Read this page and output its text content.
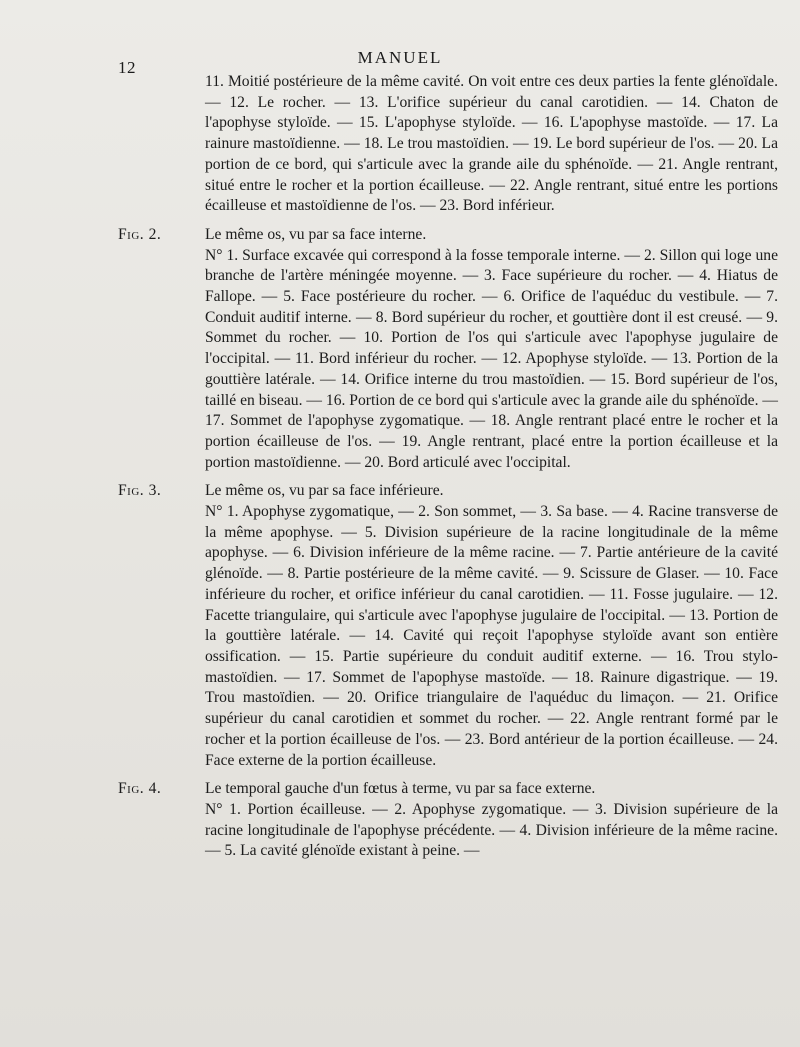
12
MANUEL

11. Moitié postérieure de la même cavité. On voit entre ces deux parties la fente glénoïdale. — 12. Le rocher. — 13. L'orifice supérieur du canal carotidien. — 14. Chaton de l'apophyse styloïde. — 15. L'apophyse styloïde. — 16. L'apophyse mastoïde. — 17. La rainure mastoïdienne. — 18. Le trou mastoïdien. — 19. Le bord supérieur de l'os. — 20. La portion de ce bord, qui s'articule avec la grande aile du sphénoïde. — 21. Angle rentrant, situé entre le rocher et la portion écailleuse. — 22. Angle rentrant, situé entre les portions écailleuse et mastoïdienne de l'os. — 23. Bord inférieur.

Fig. 2.	Le même os, vu par sa face interne.
N° 1. Surface excavée qui correspond à la fosse temporale interne. — 2. Sillon qui loge une branche de l'artère méningée moyenne. — 3. Face supérieure du rocher. — 4. Hiatus de Fallope. — 5. Face postérieure du rocher. — 6. Orifice de l'aquéduc du vestibule. — 7. Conduit auditif interne. — 8. Bord supérieur du rocher, et gouttière dont il est creusé. — 9. Sommet du rocher. — 10. Portion de l'os qui s'articule avec l'apophyse jugulaire de l'occipital. — 11. Bord inférieur du rocher. — 12. Apophyse styloïde. — 13. Portion de la gouttière latérale. — 14. Orifice interne du trou mastoïdien. — 15. Bord supérieur de l'os, taillé en biseau. — 16. Portion de ce bord qui s'articule avec la grande aile du sphénoïde. — 17. Sommet de l'apophyse zygomatique. — 18. Angle rentrant placé entre le rocher et la portion écailleuse de l'os. — 19. Angle rentrant, placé entre la portion écailleuse et la portion mastoïdienne. — 20. Bord articulé avec l'occipital.
Fig. 3.	Le même os, vu par sa face inférieure.
N° 1. Apophyse zygomatique, — 2. Son sommet, — 3. Sa base. — 4. Racine transverse de la même apophyse. — 5. Division supérieure de la racine longitudinale de la même apophyse. — 6. Division inférieure de la même racine. — 7. Partie antérieure de la cavité glénoïde. — 8. Partie postérieure de la même cavité. — 9. Scissure de Glaser. — 10. Face inférieure du rocher, et orifice inférieur du canal carotidien. — 11. Fosse jugulaire. — 12. Facette triangulaire, qui s'articule avec l'apophyse jugulaire de l'occipital. — 13. Portion de la gouttière latérale. — 14. Cavité qui reçoit l'apophyse styloïde avant son entière ossification. — 15. Partie supérieure du conduit auditif externe. — 16. Trou stylo-mastoïdien. — 17. Sommet de l'apophyse mastoïde. — 18. Rainure digastrique. — 19. Trou mastoïdien. — 20. Orifice triangulaire de l'aquéduc du limaçon. — 21. Orifice supérieur du canal carotidien et sommet du rocher. — 22. Angle rentrant formé par le rocher et la portion écailleuse de l'os. — 23. Bord antérieur de la portion écailleuse. — 24. Face externe de la portion écailleuse.
Fig. 4.	Le temporal gauche d'un fœtus à terme, vu par sa face externe.
N° 1. Portion écailleuse. — 2. Apophyse zygomatique. — 3. Division supérieure de la racine longitudinale de l'apophyse précédente. — 4. Division inférieure de la même racine. — 5. La cavité glénoïde existant à peine. —
